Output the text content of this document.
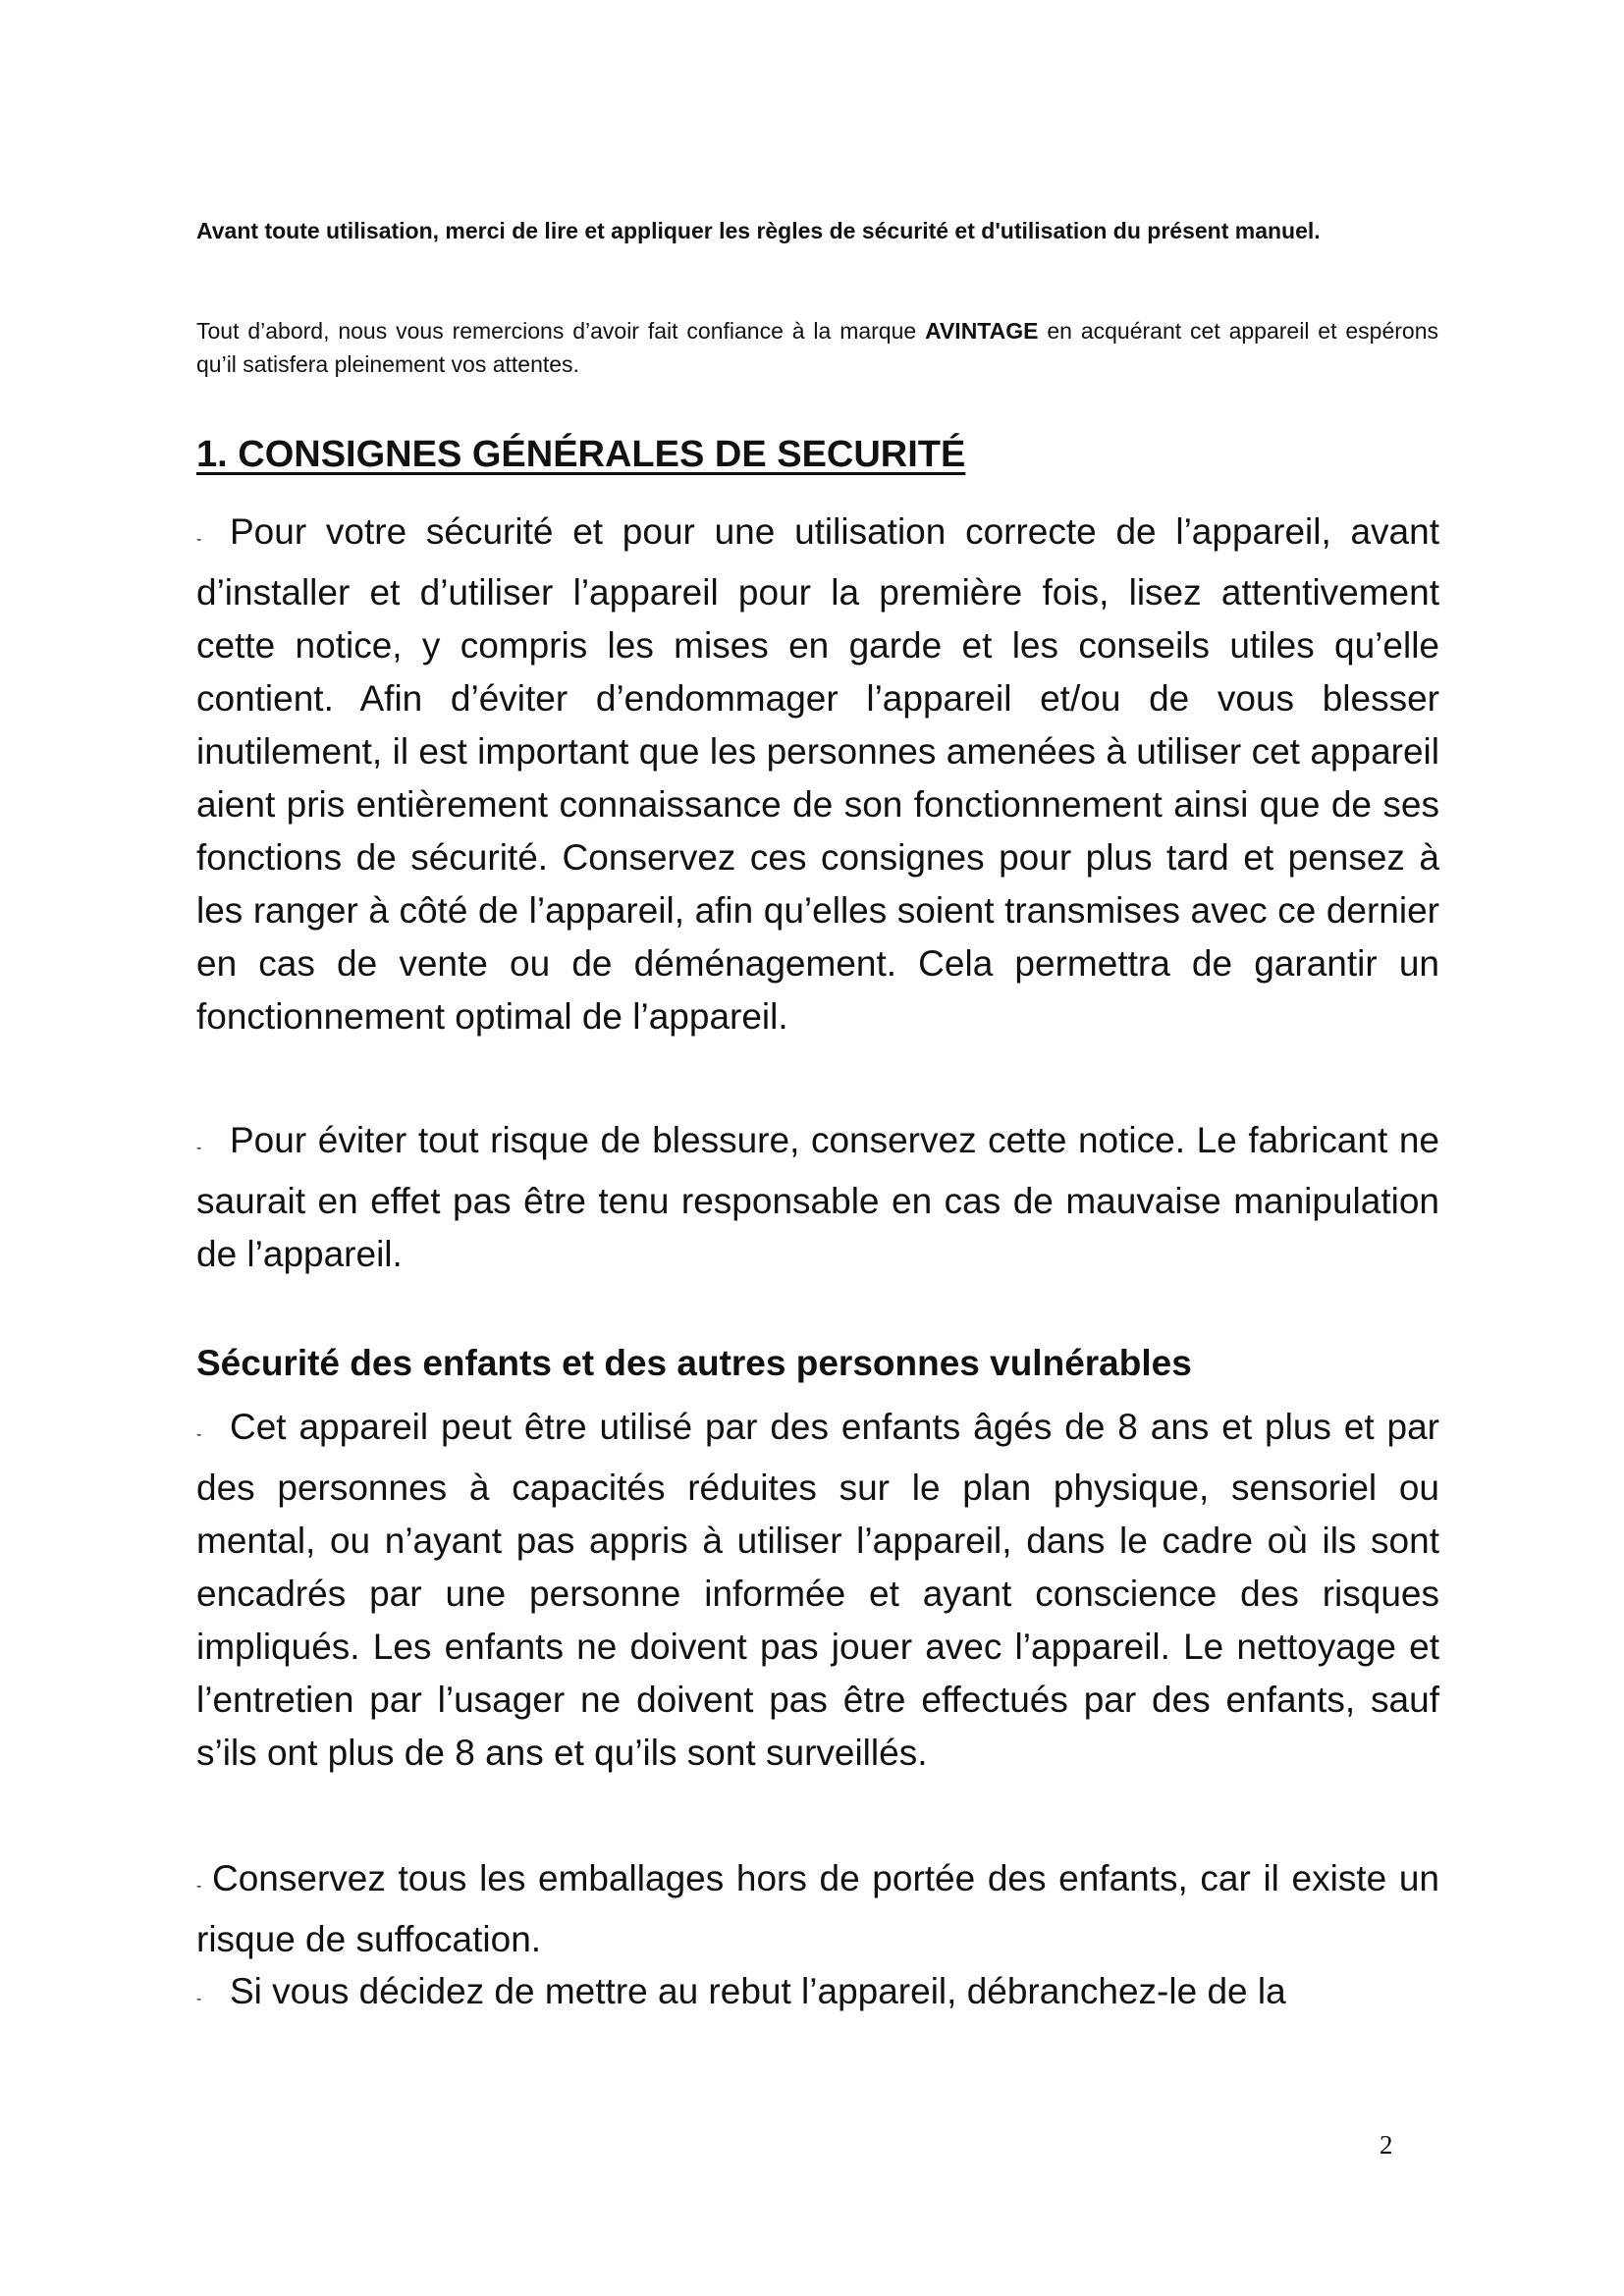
Avant toute utilisation, merci de lire et appliquer les règles de sécurité et d'utilisation du présent manuel.

Tout d’abord, nous vous remercions d’avoir fait confiance à la marque AVINTAGE en acquérant cet appareil et espérons qu’il satisfera pleinement vos attentes.

1. CONSIGNES GÉNÉRALES DE SECURITÉ

- Pour votre sécurité et pour une utilisation correcte de l’appareil, avant d’installer et d’utiliser l’appareil pour la première fois, lisez attentivement cette notice, y compris les mises en garde et les conseils utiles qu’elle contient. Afin d’éviter d’endommager l’appareil et/ou de vous blesser inutilement, il est important que les personnes amenées à utiliser cet appareil aient pris entièrement connaissance de son fonctionnement ainsi que de ses fonctions de sécurité. Conservez ces consignes pour plus tard et pensez à les ranger à côté de l’appareil, afin qu’elles soient transmises avec ce dernier en cas de vente ou de déménagement. Cela permettra de garantir un fonctionnement optimal de l’appareil.

- Pour éviter tout risque de blessure, conservez cette notice. Le fabricant ne saurait en effet pas être tenu responsable en cas de mauvaise manipulation de l’appareil.

Sécurité des enfants et des autres personnes vulnérables

- Cet appareil peut être utilisé par des enfants âgés de 8 ans et plus et par des personnes à capacités réduites sur le plan physique, sensoriel ou mental, ou n’ayant pas appris à utiliser l’appareil, dans le cadre où ils sont encadrés par une personne informée et ayant conscience des risques impliqués. Les enfants ne doivent pas jouer avec l’appareil. Le nettoyage et l’entretien par l’usager ne doivent pas être effectués par des enfants, sauf s’ils ont plus de 8 ans et qu’ils sont surveillés.

- Conservez tous les emballages hors de portée des enfants, car il existe un risque de suffocation.

- Si vous décidez de mettre au rebut l’appareil, débranchez-le de la

2
